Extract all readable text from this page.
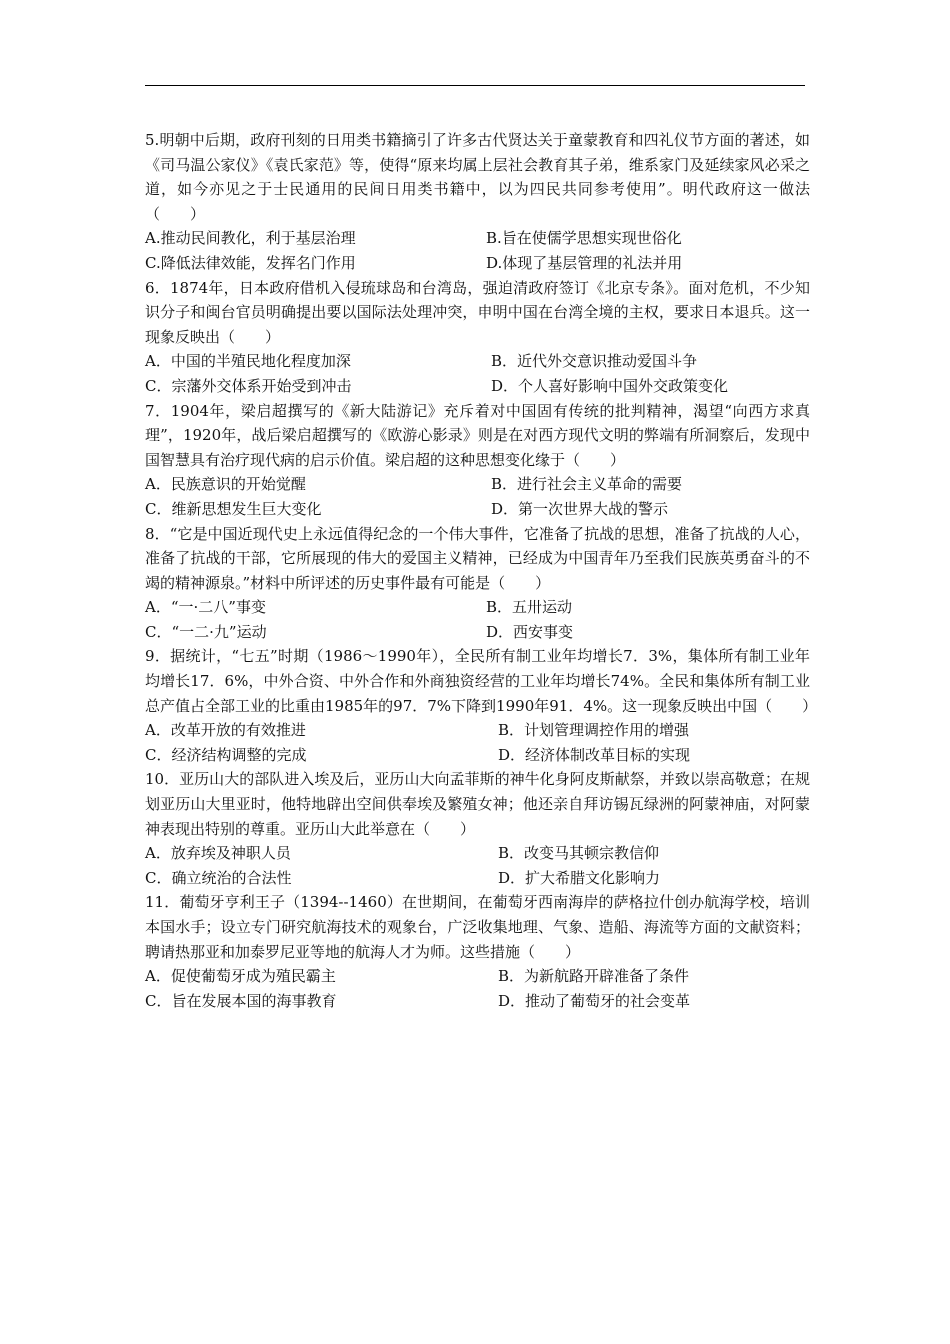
5.明朝中后期，政府刊刻的日用类书籍摘引了许多古代贤达关于童蒙教育和四礼仪节方面的著述，如《司马温公家仪》《袁氏家范》等，使得“原来均属上层社会教育其子弟，维系家门及延续家风必采之道，如今亦见之于士民通用的民间日用类书籍中，以为四民共同参考使用”。明代政府这一做法（　　）

A.推动民间教化，利于基层治理	B.旨在使儒学思想实现世俗化
C.降低法律效能，发挥名门作用	D.体现了基层管理的礼法并用

6．1874年，日本政府借机入侵琉球岛和台湾岛，强迫清政府签订《北京专条》。面对危机，不少知识分子和闽台官员明确提出要以国际法处理冲突，申明中国在台湾全境的主权，要求日本退兵。这一现象反映出（　　）

A．中国的半殖民地化程度加深	B．近代外交意识推动爱国斗争
C．宗藩外交体系开始受到冲击	D．个人喜好影响中国外交政策变化

7．1904年，梁启超撰写的《新大陆游记》充斥着对中国固有传统的批判精神，渴望“向西方求真理”，1920年，战后梁启超撰写的《欧游心影录》则是在对西方现代文明的弊端有所洞察后，发现中国智慧具有治疗现代病的启示价值。梁启超的这种思想变化缘于（　　）

A．民族意识的开始觉醒	B．进行社会主义革命的需要
C．维新思想发生巨大变化	D．第一次世界大战的警示

8．“它是中国近现代史上永远值得纪念的一个伟大事件，它准备了抗战的思想，准备了抗战的人心，准备了抗战的干部，它所展现的伟大的爱国主义精神，已经成为中国青年乃至我们民族英勇奋斗的不竭的精神源泉。”材料中所评述的历史事件最有可能是（　　）

A．“一·二八”事变	B．五卅运动
C．“一二·九”运动	D．西安事变

9．据统计，“七五”时期（1986～1990年），全民所有制工业年均增长7．3%，集体所有制工业年均增长17．6%，中外合资、中外合作和外商独资经营的工业年均增长74%。全民和集体所有制工业总产值占全部工业的比重由1985年的97．7%下降到1990年91．4%。这一现象反映出中国（　　）

A．改革开放的有效推进	B．计划管理调控作用的增强
C．经济结构调整的完成	D．经济体制改革目标的实现

10．亚历山大的部队进入埃及后，亚历山大向孟菲斯的神牛化身阿皮斯献祭，并致以崇高敬意；在规划亚历山大里亚时，他特地辟出空间供奉埃及繁殖女神；他还亲自拜访锡瓦绿洲的阿蒙神庙，对阿蒙神表现出特别的尊重。亚历山大此举意在（　　）

A．放弃埃及神职人员	B．改变马其顿宗教信仰
C．确立统治的合法性	D．扩大希腊文化影响力

11．葡萄牙亨利王子（1394--1460）在世期间，在葡萄牙西南海岸的萨格拉什创办航海学校，培训本国水手；设立专门研究航海技术的观象台，广泛收集地理、气象、造船、海流等方面的文献资料；聘请热那亚和加泰罗尼亚等地的航海人才为师。这些措施（　　）

A．促使葡萄牙成为殖民霸主	B．为新航路开辟准备了条件
C．旨在发展本国的海事教育	D．推动了葡萄牙的社会变革
